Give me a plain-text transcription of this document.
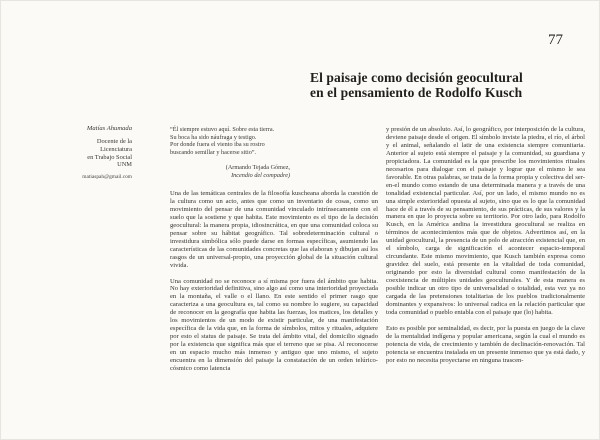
77
El paisaje como decisión geocultural
en el pensamiento de Rodolfo Kusch
Matías Ahumada
Docente de la
Licenciatura
en Trabajo Social
UNM
matiaspah@gmail.com
“Él siempre estuvo aquí. Sobre esta tierra.
Su boca ha sido náufraga y testigo.
Por donde fuera el viento iba su rostro
buscando semillar y hacerse sitio”.
(Armando Tejada Gómez,
Incendio del compadre)

Una de las temáticas centrales de la filosofía kuscheana aborda la cuestión de la cultura como un acto, antes que como un inventario de cosas, como un movimiento del pensar de una comunidad vinculado intrínsecamente con el suelo que la sostiene y que habita. Este movimiento es el tipo de la decisión geocultural: la manera propia, idiosincrática, en que una comunidad coloca su pensar sobre su hábitat geográfico. Tal sobredeterminación cultural o investidura simbólica sólo puede darse en formas específicas, asumiendo las características de las comunidades concretas que las elaboran y dibujan así los rasgos de un universal-propio, una proyección global de la situación cultural vivida.

Una comunidad no se reconoce a sí misma por fuera del ámbito que habita. No hay exterioridad definitiva, sino algo así como una interioridad proyectada en la montaña, el valle o el llano. En este sentido el primer rasgo que caracteriza a una geocultura es, tal como su nombre lo sugiere, su capacidad de reconocer en la geografía que habita las fuerzas, los matices, los detalles y los movimientos de un modo de existir particular, de una manifestación específica de la vida que, en la forma de símbolos, mitos y rituales, adquiere por esto el status de paisaje. Se trata del ámbito vital, del domicilio signado por la existencia que significa más que el terreno que se pisa. Al reconocerse en un espacio mucho más inmenso y antiguo que uno mismo, el sujeto encuentra en la dimensión del paisaje la constatación de un orden telúrico-cósmico como latencia

y presión de un absoluto. Así, lo geográfico, por interposición de la cultura, deviene paisaje desde el origen. El símbolo inviste la piedra, el río, el árbol y el animal, señalando el latir de una existencia siempre comunitaria. Anterior al sujeto está siempre el paisaje y la comunidad, su guardiana y propiciadora. La comunidad es la que prescribe los movimientos rituales necesarios para dialogar con el paisaje y lograr que el mismo le sea favorable. En otras palabras, se trata de la forma propia y colectiva del ser-en-el mundo como estando de una determinada manera y a través de una tonalidad existencial particular. Así, por un lado, el mismo mundo no es una simple exterioridad opuesta al sujeto, sino que es lo que la comunidad hace de él a través de su pensamiento, de sus prácticas, de sus valores y la manera en que lo proyecta sobre su territorio. Por otro lado, para Rodolfo Kusch, en la América andina la investidura geocultural se realiza en términos de acontecimientos más que de objetos. Advertimos así, en la unidad geocultural, la presencia de un polo de atracción existencial que, en el símbolo, carga de significación el acontecer espacio-temporal circundante. Este mismo movimiento, que Kusch también expresa como gravidez del suelo, está presente en la vitalidad de toda comunidad, originando por esto la diversidad cultural como manifestación de la coexistencia de múltiples unidades geoculturales. Y de esta manera es posible indicar un otro tipo de universalidad o totalidad, esta vez ya no cargada de las pretensiones totalitarias de los pueblos tradicionalmente dominantes y expansivos: lo universal radica en la relación particular que toda comunidad o pueblo entabla con el paisaje que (lo) habita.

Esto es posible por seminalidad, es decir, por la puesta en juego de la clave de la mentalidad indígena y popular americana, según la cual el mundo es potencia de vida, de crecimiento y también de declinación-renovación. Tal potencia se encuentra instalada en un presente inmenso que ya está dado, y por esto no necesita proyectarse en ninguna trascen-
